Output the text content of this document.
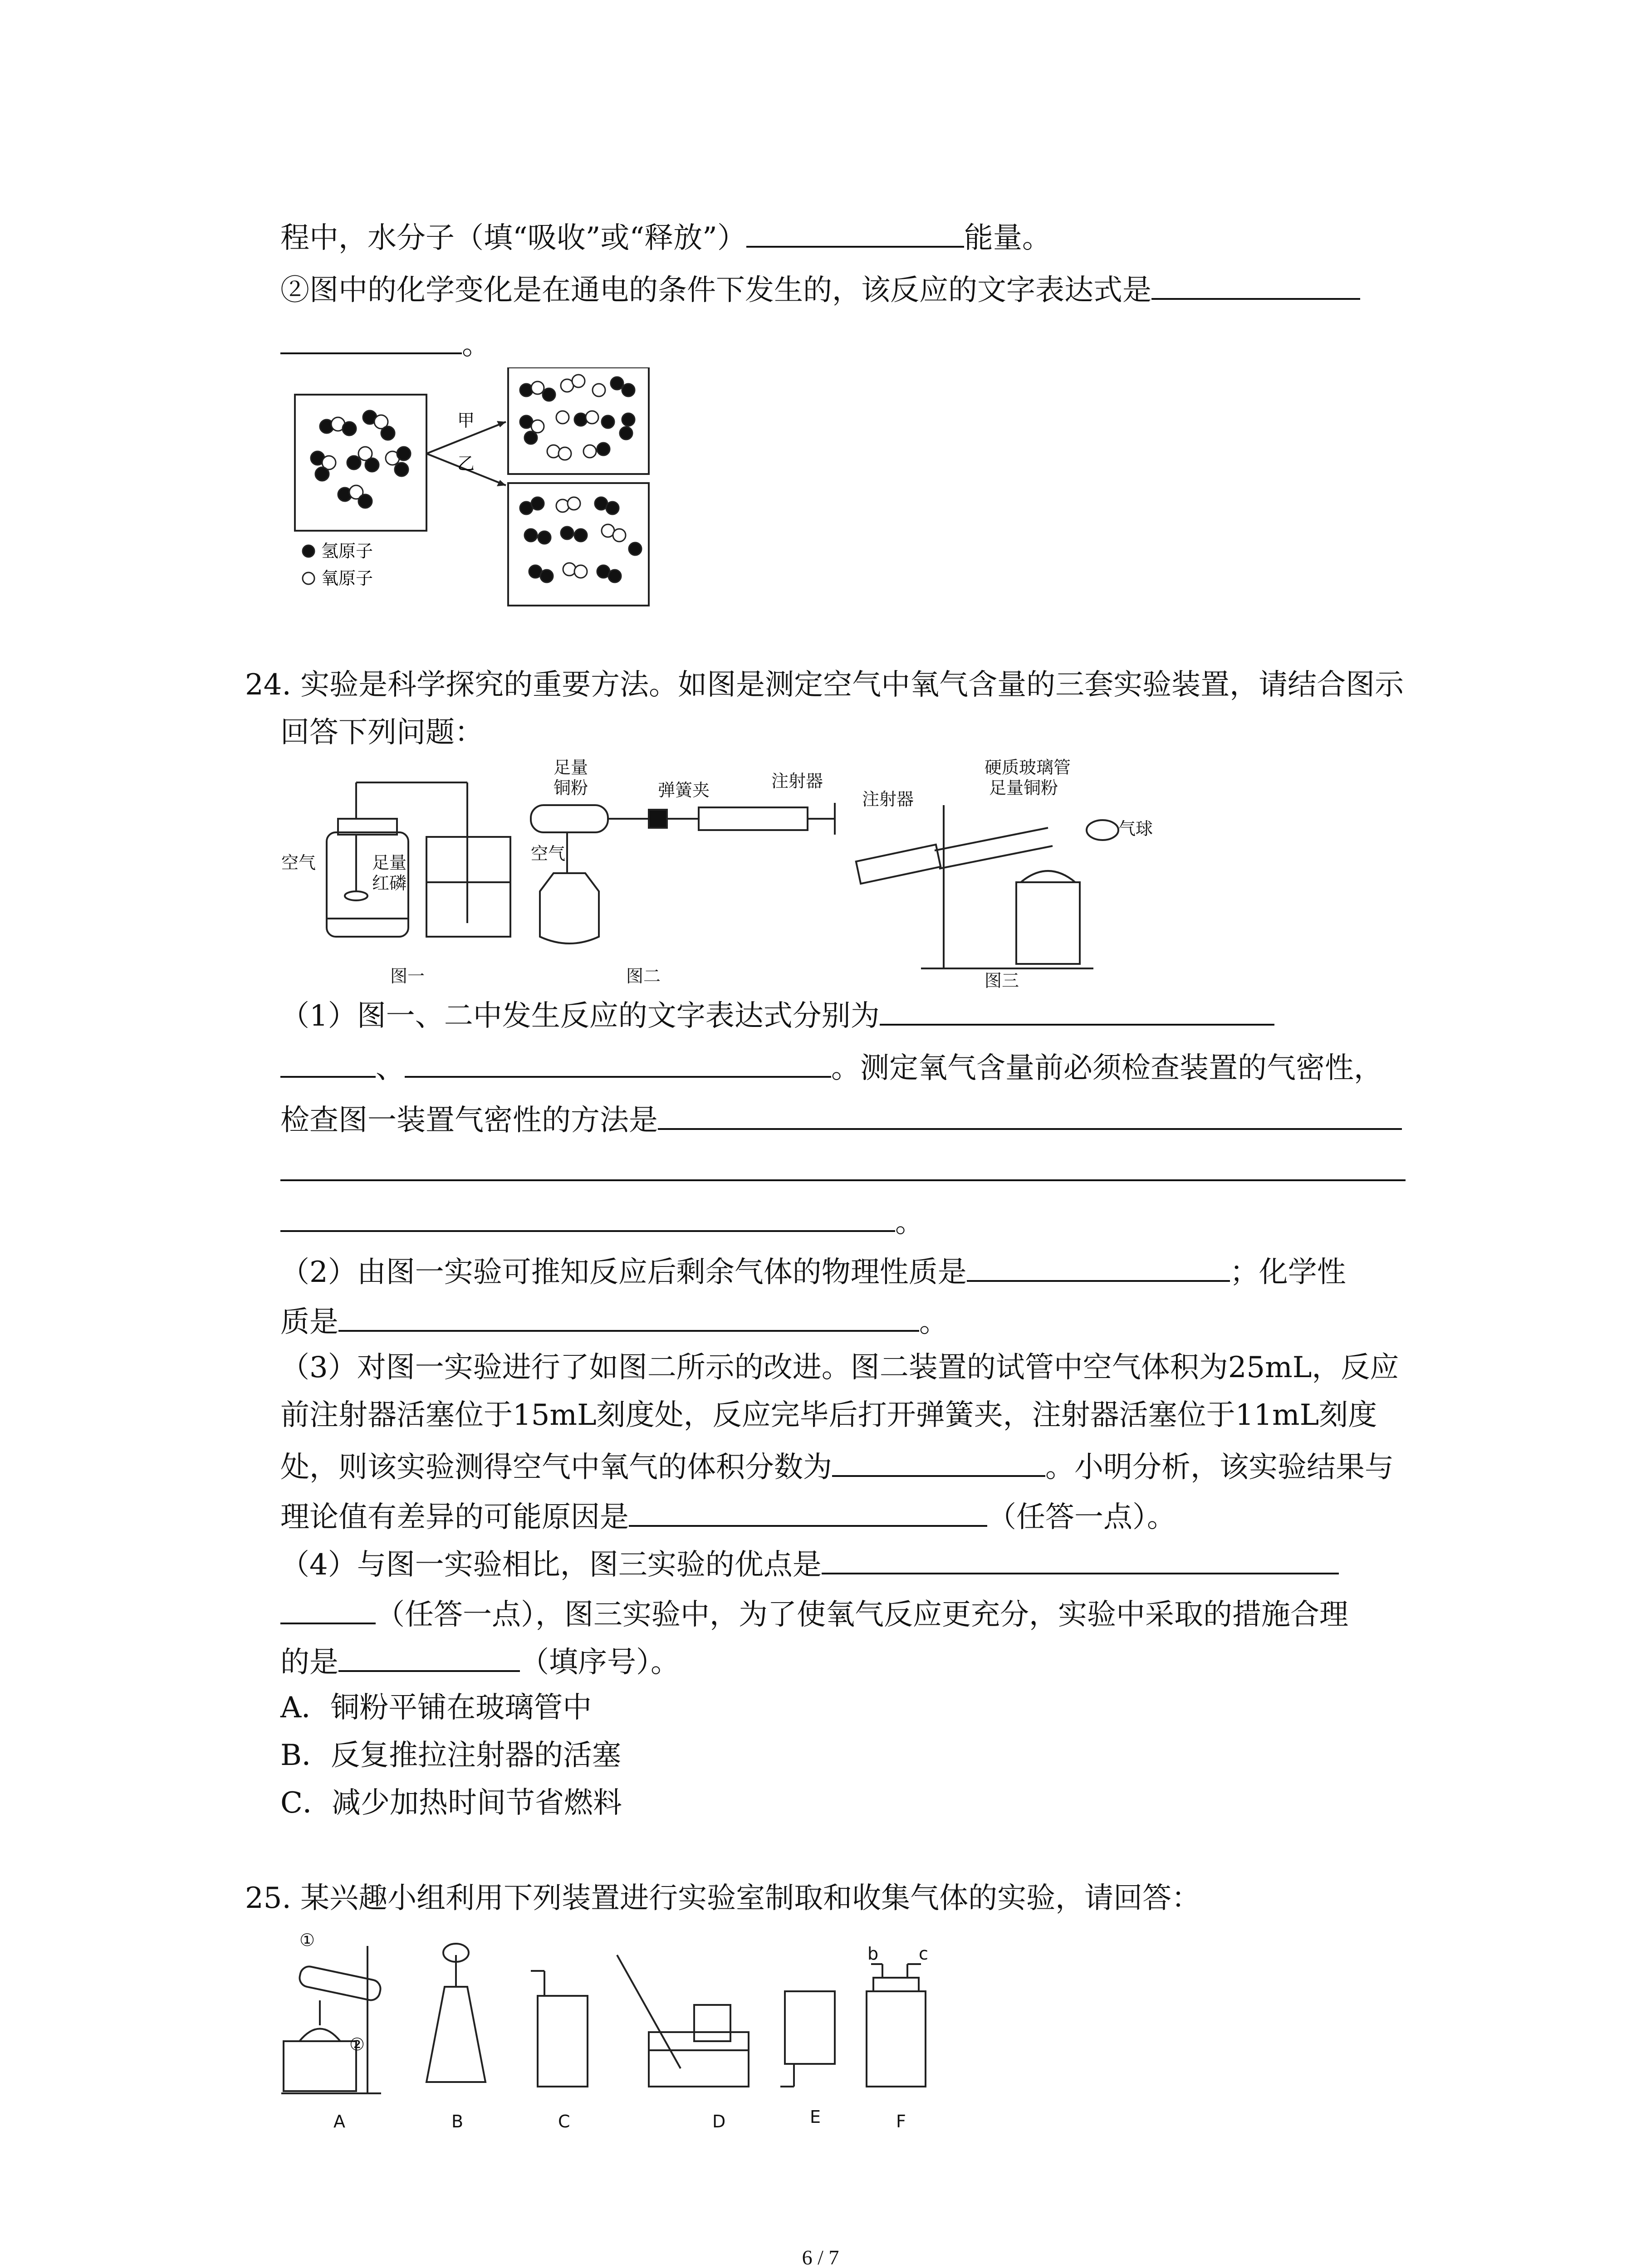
程中，水分子（填“吸收”或“释放”）	能量。
②图中的化学变化是在通电的条件下发生的，该反应的文字表达式是
。
甲
乙
氢原子
氧原子
24. 实验是科学探究的重要方法。如图是测定空气中氧气含量的三套实验装置，请结合图示
回答下列问题：
空气	足量
红磷
图一
足量
铜粉	弹簧夹	注射器
空气
图二
硬质玻璃管
注射器
足量铜粉
气球
图三
（1）图一、二中发生反应的文字表达式分别为
、	。测定氧气含量前必须检查装置的气密性，
检查图一装置气密性的方法是
。
（2）由图一实验可推知反应后剩余气体的物理性质是	；化学性
质是	。
（3）对图一实验进行了如图二所示的改进。图二装置的试管中空气体积为25mL，反应
前注射器活塞位于15mL刻度处，反应完毕后打开弹簧夹，注射器活塞位于11mL刻度
处，则该实验测得空气中氧气的体积分数为	。小明分析，该实验结果与
理论值有差异的可能原因是	（任答一点）。
（4）与图一实验相比，图三实验的优点是
（任答一点），图三实验中，为了使氧气反应更充分，实验中采取的措施合理
的是	（填序号）。
A．铜粉平铺在玻璃管中
B．反复推拉注射器的活塞
C．减少加热时间节省燃料
25. 某兴趣小组利用下列装置进行实验室制取和收集气体的实验，请回答：
①
②
b c
A	B	C	D	E	F
6 / 7
